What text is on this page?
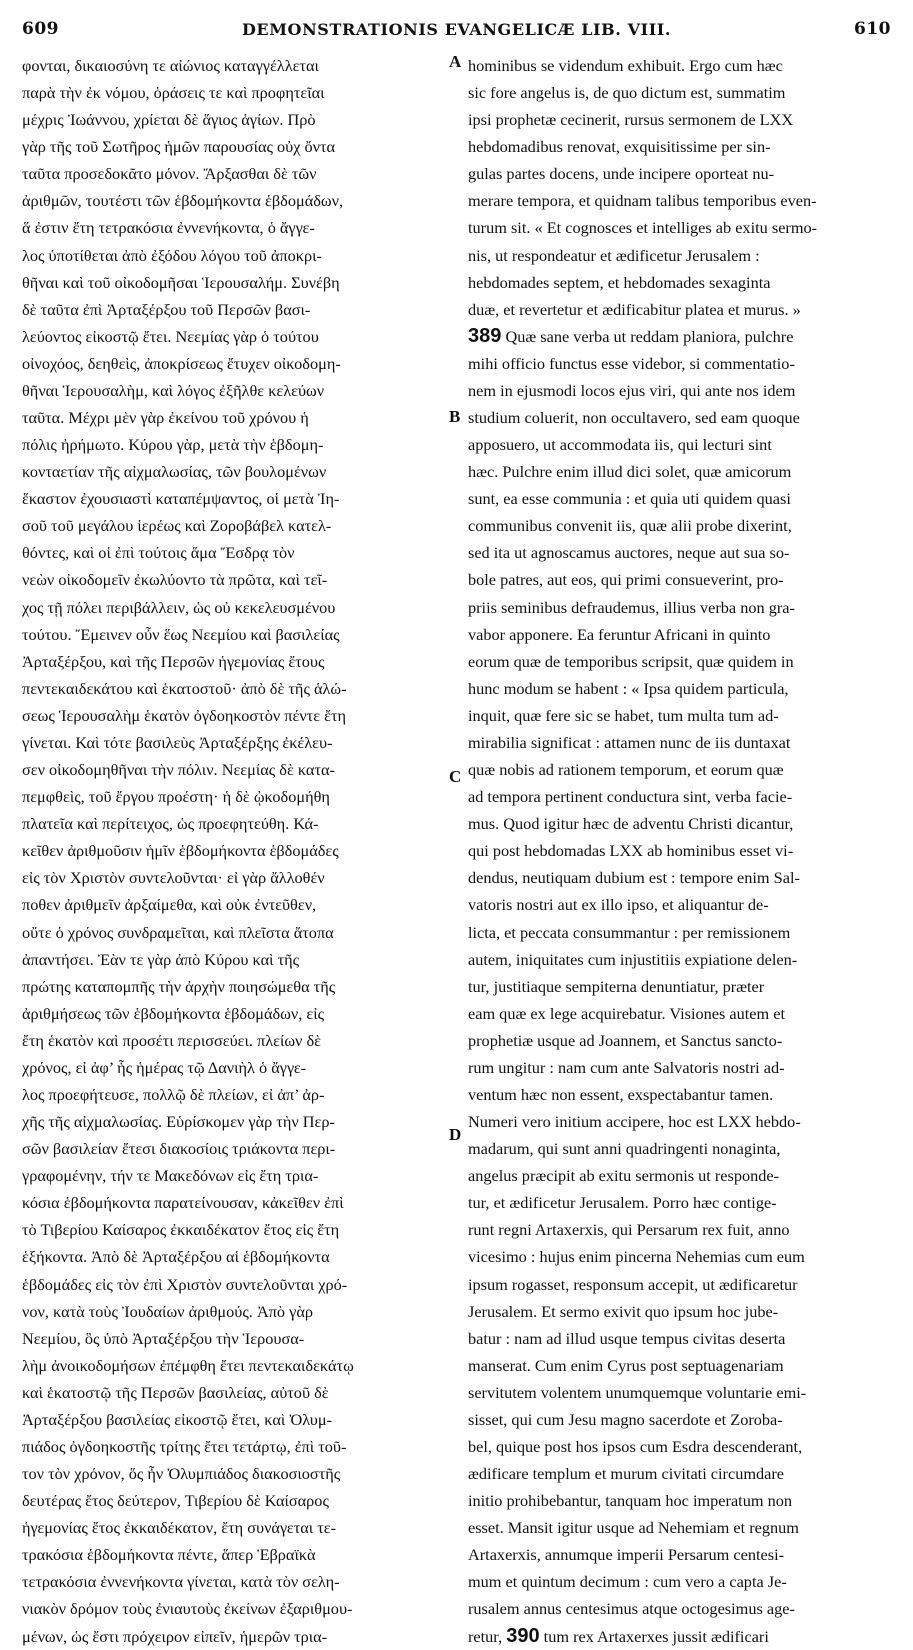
609	DEMONSTRATIONIS EVANGELICÆ LIB. VIII.	610
φονται, δικαιοσύνη τε αἰώνιος καταγγέλλεται
παρὰ τὴν ἐκ νόμου, ὁράσεις τε καὶ προφητεῖαι
μέχρις Ἰωάννου, χρίεται δὲ ἅγιος ἁγίων. Πρὸ
γὰρ τῆς τοῦ Σωτῆρος ἡμῶν παρουσίας οὐχ ὄντα
ταῦτα προσεδοκᾶτο μόνον. Ἄρξασθαι δὲ τῶν
ἀριθμῶν, τουτέστι τῶν ἑβδομήκοντα ἑβδομάδων,
ἅ ἐστιν ἔτη τετρακόσια ἐννενήκοντα, ὁ ἄγγε-
λος ὑποτίθεται ἀπὸ ἐξόδου λόγου τοῦ ἀποκρι-
θῆναι καὶ τοῦ οἰκοδομῆσαι Ἱερουσαλήμ. Συνέβη
δὲ ταῦτα ἐπὶ Ἀρταξέρξου τοῦ Περσῶν βασι-
λεύοντος εἰκοστῷ ἔτει. Νεεμίας γὰρ ὁ τούτου
οἰνοχόος, δεηθεὶς, ἀποκρίσεως ἔτυχεν οἰκοδομη-
θῆναι Ἱερουσαλὴμ, καὶ λόγος ἐξῆλθε κελεύων
ταῦτα. Μέχρι μὲν γὰρ ἐκείνου τοῦ χρόνου ἡ
πόλις ἠρήμωτο. Κύρου γὰρ, μετὰ τὴν ἑβδομη-
κονταετίαν τῆς αἰχμαλωσίας, τῶν βουλομένων
ἕκαστον ἐχουσιαστὶ καταπέμψαντος, οἱ μετὰ Ἰη-
σοῦ τοῦ μεγάλου ἱερέως καὶ Ζοροβάβελ κατελ-
θόντες, καὶ οἱ ἐπὶ τούτοις ἅμα Ἔσδρᾳ τὸν
νεὼν οἰκοδομεῖν ἐκωλύοντο τὰ πρῶτα, καὶ τεῖ-
χος τῇ πόλει περιβάλλειν, ὡς οὐ κεκελευσμένου
τούτου. Ἔμεινεν οὖν ἕως Νεεμίου καὶ βασιλείας
Ἀρταξέρξου, καὶ τῆς Περσῶν ἡγεμονίας ἔτους
πεντεκαιδεκάτου καὶ ἑκατοστοῦ· ἀπὸ δὲ τῆς ἁλώ-
σεως Ἱερουσαλὴμ ἑκατὸν ὀγδοηκοστὸν πέντε ἔτη
γίνεται. Καὶ τότε βασιλεὺς Ἀρταξέρξης ἐκέλευ-
σεν οἰκοδομηθῆναι τὴν πόλιν. Νεεμίας δὲ κατα-
πεμφθεὶς, τοῦ ἔργου προέστη· ἡ δὲ ᾠκοδομήθη
πλατεῖα καὶ περίτειχος, ὡς προεφητεύθη. Κά-
κεῖθεν ἀριθμοῦσιν ἡμῖν ἑβδομήκοντα ἑβδομάδες
εἰς τὸν Χριστὸν συντελοῦνται· εἰ γὰρ ἄλλοθέν
ποθεν ἀριθμεῖν ἀρξαίμεθα, καὶ οὐκ ἐντεῦθεν,
οὔτε ὁ χρόνος συνδραμεῖται, καὶ πλεῖστα ἄτοπα
ἀπαντήσει. Ἐὰν τε γὰρ ἀπὸ Κύρου καὶ τῆς
πρώτης καταπομπῆς τὴν ἀρχὴν ποιησώμεθα τῆς
ἀριθμήσεως τῶν ἑβδομήκοντα ἑβδομάδων, εἰς
ἔτη ἑκατὸν καὶ προσέτι περισσεύει. πλείων δὲ
χρόνος, εἰ ἀφ’ ἧς ἡμέρας τῷ Δανιὴλ ὁ ἄγγε-
λος προεφήτευσε, πολλῷ δὲ πλείων, εἰ ἀπ’ ἀρ-
χῆς τῆς αἰχμαλωσίας. Εὑρίσκομεν γὰρ τὴν Περ-
σῶν βασιλείαν ἔτεσι διακοσίοις τριάκοντα περι-
γραφομένην, τήν τε Μακεδόνων εἰς ἔτη τρια-
κόσια ἑβδομήκοντα παρατείνουσαν, κἀκεῖθεν ἐπὶ
τὸ Τιβερίου Καίσαρος ἐκκαιδέκατον ἔτος εἰς ἔτη
ἑξήκοντα. Ἀπὸ δὲ Ἀρταξέρξου αἱ ἑβδομήκοντα
ἑβδομάδες εἰς τὸν ἐπὶ Χριστὸν συντελοῦνται χρό-
νον, κατὰ τοὺς Ἰουδαίων ἀριθμούς. Ἀπὸ γὰρ
Νεεμίου, ὃς ὑπὸ Ἀρταξέρξου τὴν Ἱερουσα-
λὴμ ἀνοικοδομήσων ἐπέμφθη ἔτει πεντεκαιδεκάτῳ
καὶ ἑκατοστῷ τῆς Περσῶν βασιλείας, αὐτοῦ δὲ
Ἀρταξέρξου βασιλείας εἰκοστῷ ἔτει, καὶ Ὀλυμ-
πιάδος ὀγδοηκοστῆς τρίτης ἔτει τετάρτῳ, ἐπὶ τοῦ-
τον τὸν χρόνον, ὅς ἦν Ὀλυμπιάδος διακοσιοστῆς
δευτέρας ἔτος δεύτερον, Τιβερίου δὲ Καίσαρος
ἡγεμονίας ἔτος ἐκκαιδέκατον, ἔτη συνάγεται τε-
τρακόσια ἑβδομήκοντα πέντε, ἅπερ Ἑβραϊκὰ
τετρακόσια ἐννενήκοντα γίνεται, κατὰ τὸν σελη-
νιακὸν δρόμον τοὺς ἐνιαυτοὺς ἐκείνων ἐξαριθμου-
μένων, ὡς ἔστι πρόχειρον εἰπεῖν, ἡμερῶν τρια-
hominibus se videndum exhibuit. Ergo cum hæc
sic fore angelus is, de quo dictum est, summatim
ipsi prophetæ cecinerit, rursus sermonem de LXX
hebdomadibus renovat, exquisitissime per sin-
gulas partes docens, unde incipere oporteat nu-
merare tempora, et quidnam talibus temporibus even-
turum sit. « Et cognosces et intelliges ab exitu sermo-
nis, ut respondeatur et ædificetur Jerusalem :
hebdomades septem, et hebdomades sexaginta
duæ, et revertetur et ædificabitur platea et murus. »
389 Quæ sane verba ut reddam planiora, pulchre
mihi officio functus esse videbor, si commentatio-
nem in ejusmodi locos ejus viri, qui ante nos idem
studium coluerit, non occultavero, sed eam quoque
apposuero, ut accommodata iis, qui lecturi sint
hæc. Pulchre enim illud dici solet, quæ amicorum
sunt, ea esse communia : et quia uti quidem quasi
communibus convenit iis, quæ alii probe dixerint,
sed ita ut agnoscamus auctores, neque aut sua so-
bole patres, aut eos, qui primi consueverint, pro-
priis seminibus defraudemus, illius verba non gra-
vabor apponere. Ea feruntur Africani in quinto
eorum quæ de temporibus scripsit, quæ quidem in
hunc modum se habent : « Ipsa quidem particula,
inquit, quæ fere sic se habet, tum multa tum ad-
mirabilia significat : attamen nunc de iis duntaxat
quæ nobis ad rationem temporum, et eorum quæ
ad tempora pertinent conductura sint, verba facie-
mus. Quod igitur hæc de adventu Christi dicantur,
qui post hebdomadas LXX ab hominibus esset vi-
dendus, neutiquam dubium est : tempore enim Sal-
vatoris nostri aut ex illo ipso, et aliquantur de-
licta, et peccata consummantur : per remissionem
autem, iniquitates cum injustitiis expiatione delen-
tur, justitiaque sempiterna denuntiatur, præter
eam quæ ex lege acquirebatur. Visiones autem et
prophetiæ usque ad Joannem, et Sanctus sancto-
rum ungitur : nam cum ante Salvatoris nostri ad-
ventum hæc non essent, exspectabantur tamen.
Numeri vero initium accipere, hoc est LXX hebdo-
madarum, qui sunt anni quadringenti nonaginta,
angelus præcipit ab exitu sermonis ut responde-
tur, et ædificetur Jerusalem. Porro hæc contige-
runt regni Artaxerxis, qui Persarum rex fuit, anno
vicesimo : hujus enim pincerna Nehemias cum eum
ipsum rogasset, responsum accepit, ut ædificaretur
Jerusalem. Et sermo exivit quo ipsum hoc jube-
batur : nam ad illud usque tempus civitas deserta
manserat. Cum enim Cyrus post septuagenariam
servitutem volentem unumquemque voluntarie emi-
sisset, qui cum Jesu magno sacerdote et Zoroba-
bel, quique post hos ipsos cum Esdra descenderant,
ædificare templum et murum civitati circumdare
initio prohibebantur, tanquam hoc imperatum non
esset. Mansit igitur usque ad Nehemiam et regnum
Artaxerxis, annumque imperii Persarum centesi-
mum et quintum decimum : cum vero a capta Je-
rusalem annus centesimus atque octogesimus age-
retur, 390 tum rex Artaxerxes jussit ædificari
A
B
C
D
